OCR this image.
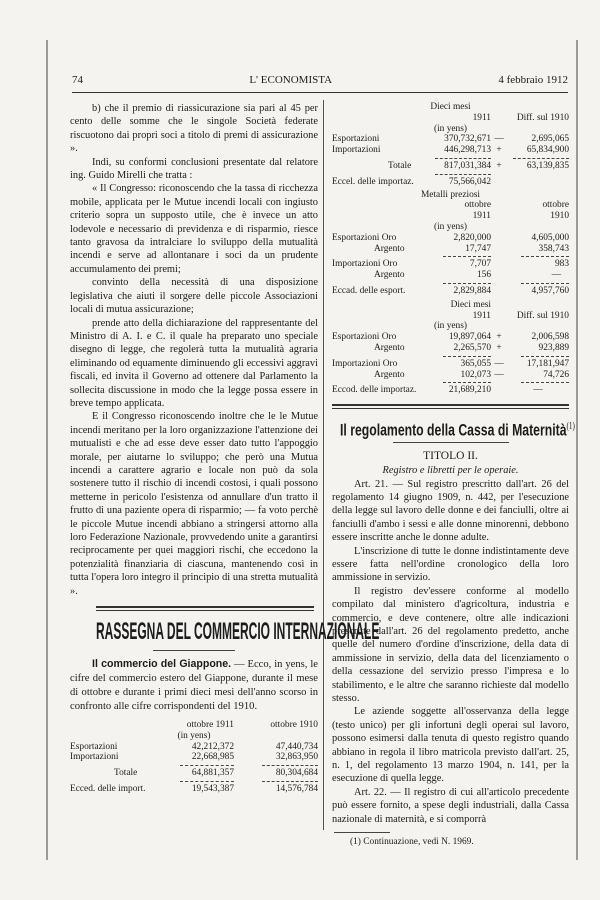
74	L' ECONOMISTA	4 febbraio 1912

b) che il premio di riassicurazione sia pari al 45 per cento delle somme che le singole Società federate riscuotono dai propri soci a titolo di premi di assicurazione ».

Indi, su conformi conclusioni presentate dal relatore ing. Guido Mirelli che tratta :

« Il Congresso: riconoscendo che la tassa di ricchezza mobile, applicata per le Mutue incendi locali con ingiusto criterio sopra un supposto utile, che è invece un atto lodevole e necessario di previdenza e di risparmio, riesce tanto gravosa da intralciare lo sviluppo della mutualità incendi e serve ad allontanare i soci da un prudente accumulamento dei premi;

convinto della necessità di una disposizione legislativa che aiuti il sorgere delle piccole Associazioni locali di mutua assicurazione;

prende atto della dichiarazione del rappresentante del Ministro di A. I. e C. il quale ha preparato uno speciale disegno di legge, che regolerà tutta la mutualità agraria eliminando od equamente diminuendo gli eccessivi aggravi fiscali, ed invita il Governo ad ottenere dal Parlamento la sollecita discussione in modo che la legge possa essere in breve tempo applicata.

E il Congresso riconoscendo inoltre che le le Mutue incendi meritano per la loro organizzazione l'attenzione dei mutualisti e che ad esse deve esser dato tutto l'appoggio morale, per aiutarne lo sviluppo; che però una Mutua incendi a carattere agrario e locale non può da sola sostenere tutto il rischio di incendi costosi, i quali possono metterne in pericolo l'esistenza od annullare d'un tratto il frutto di una paziente opera di risparmio; — fa voto perchè le piccole Mutue incendi abbiano a stringersi attorno alla loro Federazione Nazionale, provvedendo unite a garantirsi reciprocamente per quei maggiori rischi, che eccedono la potenzialità finanziaria di ciascuna, mantenendo così in tutta l'opera loro integro il principio di una stretta mutualità ».

RASSEGNA DEL COMMERCIO INTERNAZIONALE

Il commercio del Giappone. — Ecco, in yens, le cifre del commercio estero del Giappone, durante il mese di ottobre e durante i primi dieci mesi dell'anno scorso in confronto alle cifre corrispondenti del 1910.

ottobre 1911	ottobre 1910
(in yens)
Esportazioni	42,212,372	47,440,734
Importazioni	22,668,985	32,863,950
Totale	64,881,357	80,304,684
Ecced. delle import.	19,543,387	14,576,784
Dieci mesi
1911	Diff. sul 1910
(in yens)
Esportazioni	370,732,671 —	2,695,065
Importazioni	446,298,713 +	65,834,900
Totale	817,031,384 +	63,139,835
Eccel. delle importaz.	75,566,042
Metalli preziosi
ottobre	ottobre
1911	1910
(in yens)
Esportazioni Oro	2,820,000	4,605,000
Argento	17,747	358,743
Importazioni Oro	7,707	983
Argento	156	—
Eccad. delle esport.	2,829,884	4,957,760
Dieci mesi
1911	Diff. sul 1910
(in yens)
Esportazioni Oro	19,897,064 +	2,006,598
Argento	2,265,570 +	923,889
Importazioni Oro	365,055 —	17,181,947
Argento	102,073 —	74,726
Eccod. delle importaz.	21,689,210	—
Il regolamento della Cassa di Maternità$^{(1)}$

TITOLO II.

Registro e libretti per le operaie.

Art. 21. — Sul registro prescritto dall'art. 26 del regolamento 14 giugno 1909, n. 442, per l'esecuzione della legge sul lavoro delle donne e dei fanciulli, oltre ai fanciulli d'ambo i sessi e alle donne minorenni, debbono essere inscritte anche le donne adulte.

L'inscrizione di tutte le donne indistintamente deve essere fatta nell'ordine cronologico della loro ammissione in servizio.

Il registro dev'essere conforme al modello compilato dal ministero d'agricoltura, industria e commercio, e deve contenere, oltre alle indicazioni prescritte dall'art. 26 del regolamento predetto, anche quelle del numero d'ordine d'inscrizione, della data di ammissione in servizio, della data del licenziamento o della cessazione del servizio presso l'impresa e lo stabilimento, e le altre che saranno richieste dal modello stesso.

Le aziende soggette all'osservanza della legge (testo unico) per gli infortuni degli operai sul lavoro, possono esimersi dalla tenuta di questo registro quando abbiano in regola il libro matricola previsto dall'art. 25, n. 1, del regolamento 13 marzo 1904, n. 141, per la esecuzione di quella legge.

Art. 22. — Il registro di cui all'articolo precedente può essere fornito, a spese degli industriali, dalla Cassa nazionale di maternità, e si comporrà

(1) Continuazione, vedi N. 1969.
